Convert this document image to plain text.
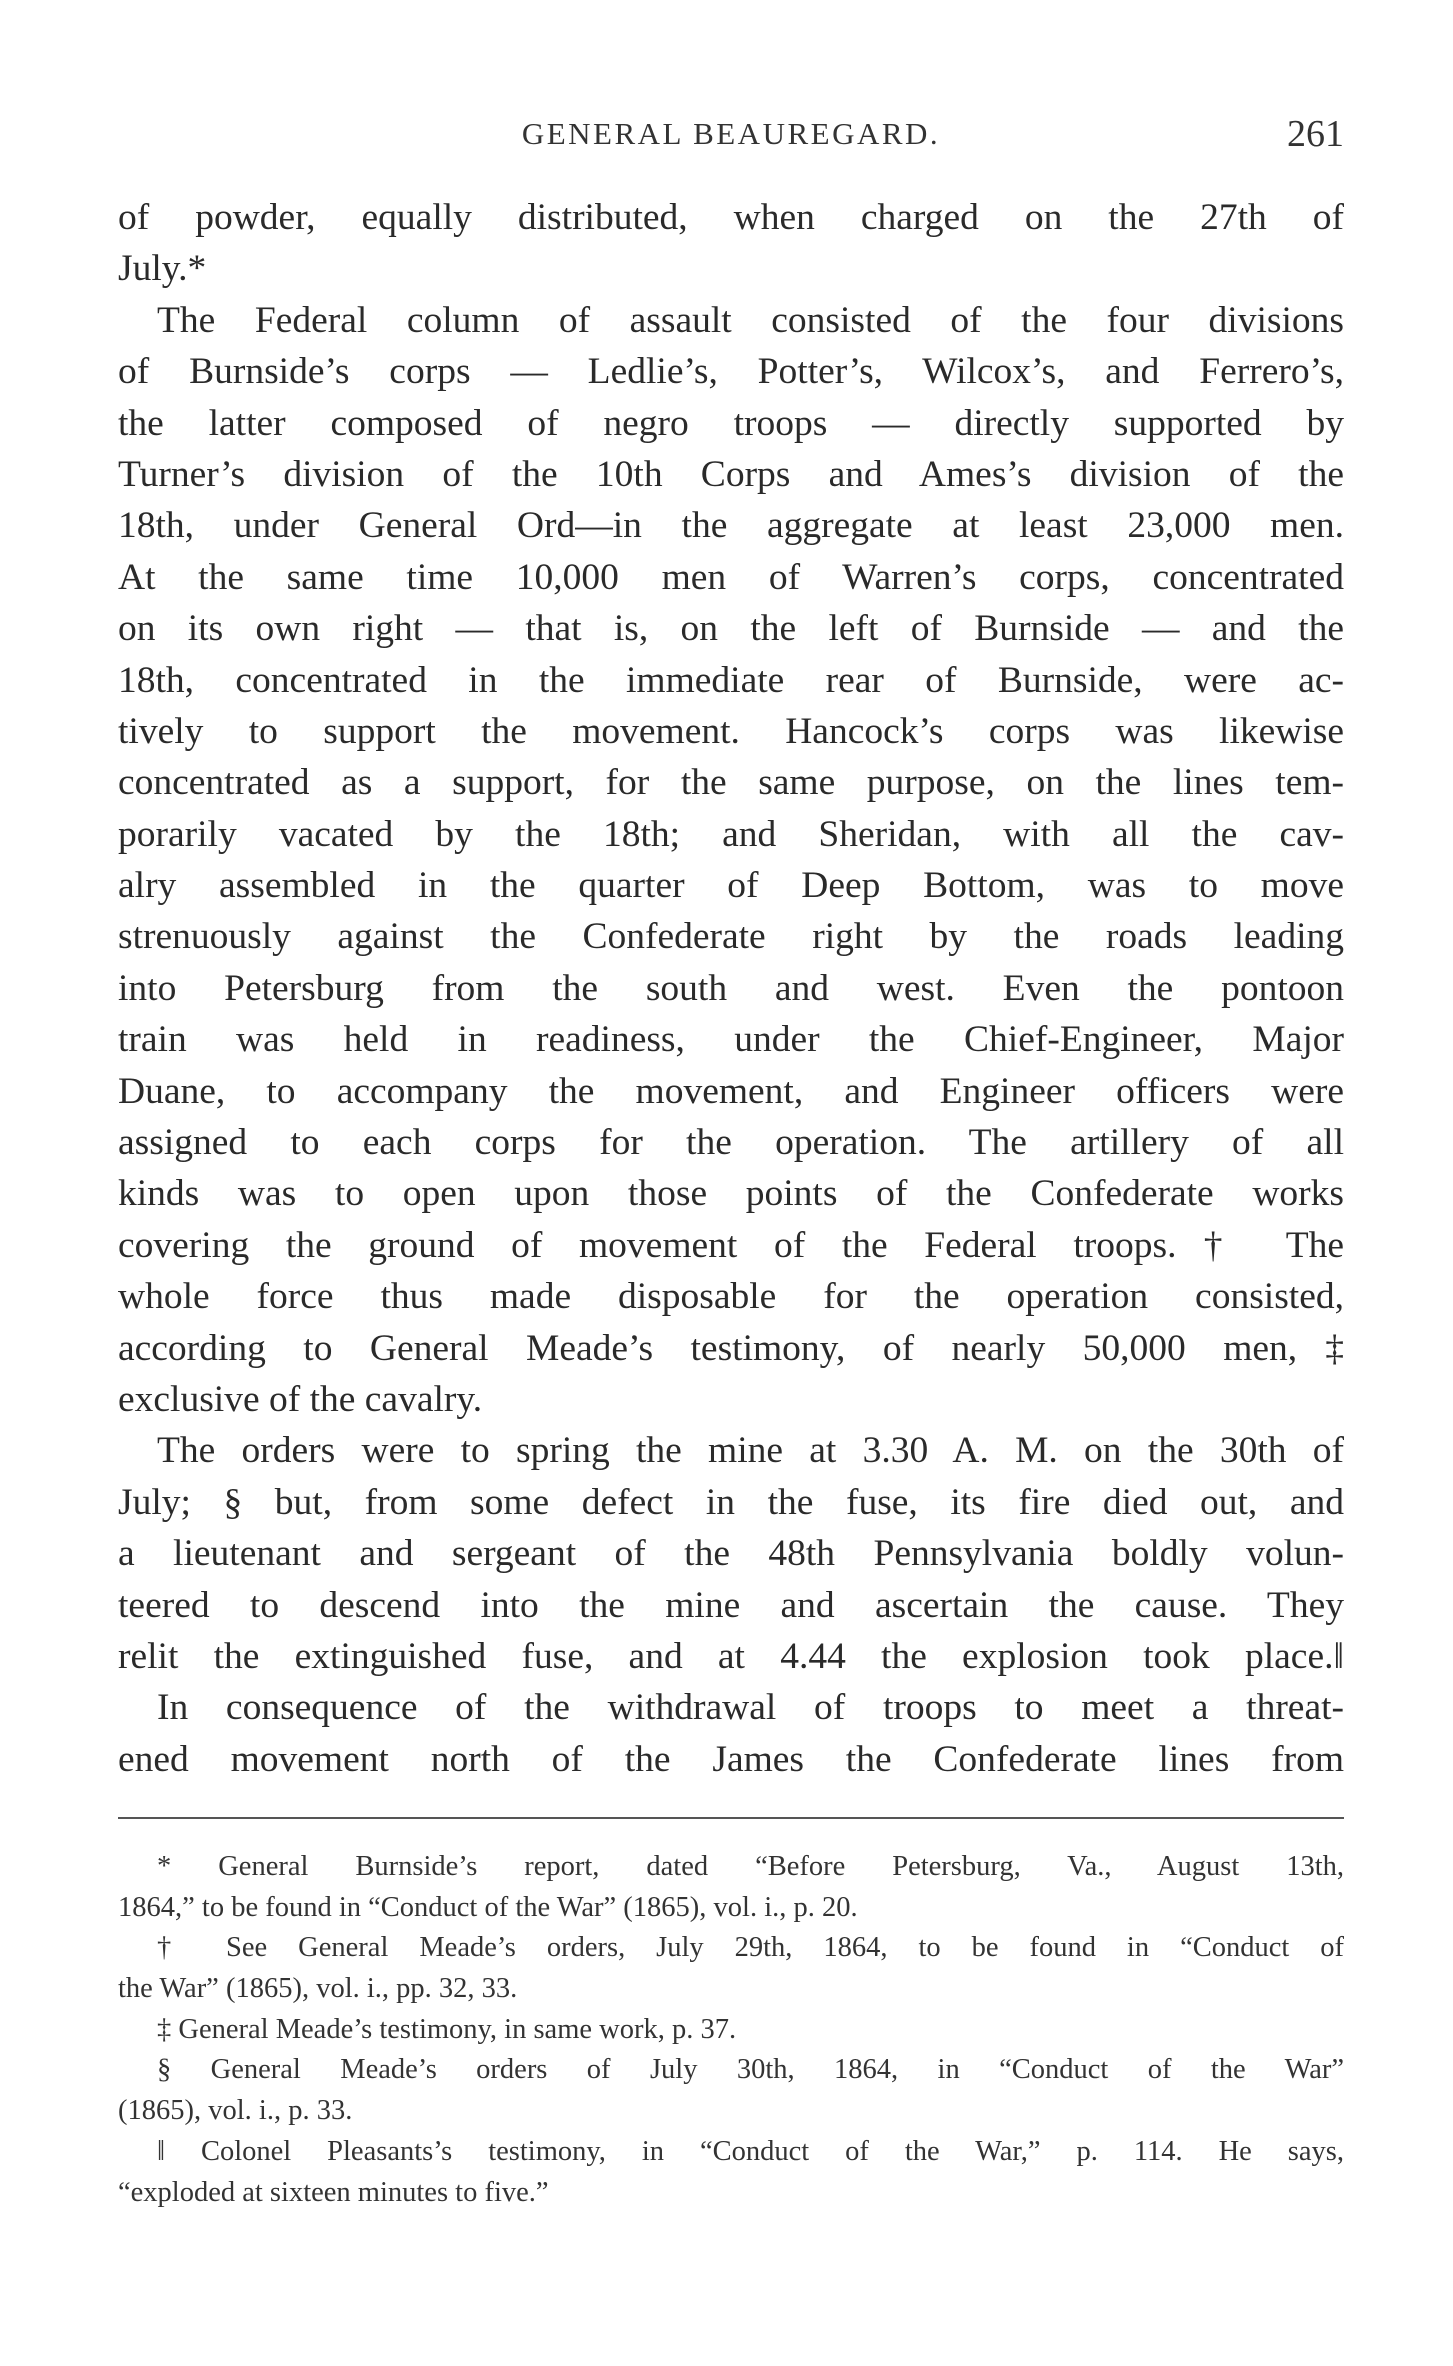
GENERAL BEAUREGARD.	261
of powder, equally distributed, when charged on the 27th of
July.*
The Federal column of assault consisted of the four divisions
of Burnside’s corps — Ledlie’s, Potter’s, Wilcox’s, and Ferrero’s,
the latter composed of negro troops — directly supported by
Turner’s division of the 10th Corps and Ames’s division of the
18th, under General Ord—in the aggregate at least 23,000 men.
At the same time 10,000 men of Warren’s corps, concentrated
on its own right — that is, on the left of Burnside — and the
18th, concentrated in the immediate rear of Burnside, were ac-
tively to support the movement. Hancock’s corps was likewise
concentrated as a support, for the same purpose, on the lines tem-
porarily vacated by the 18th; and Sheridan, with all the cav-
alry assembled in the quarter of Deep Bottom, was to move
strenuously against the Confederate right by the roads leading
into Petersburg from the south and west. Even the pontoon
train was held in readiness, under the Chief-Engineer, Major
Duane, to accompany the movement, and Engineer officers were
assigned to each corps for the operation. The artillery of all
kinds was to open upon those points of the Confederate works
covering the ground of movement of the Federal troops.† The
whole force thus made disposable for the operation consisted,
according to General Meade’s testimony, of nearly 50,000 men,‡
exclusive of the cavalry.
The orders were to spring the mine at 3.30 A. M. on the 30th of
July; § but, from some defect in the fuse, its fire died out, and
a lieutenant and sergeant of the 48th Pennsylvania boldly volun-
teered to descend into the mine and ascertain the cause. They
relit the extinguished fuse, and at 4.44 the explosion took place.‖
In consequence of the withdrawal of troops to meet a threat-
ened movement north of the James the Confederate lines from
* General Burnside’s report, dated “Before Petersburg, Va., August 13th,
1864,” to be found in “Conduct of the War” (1865), vol. i., p. 20.
† See General Meade’s orders, July 29th, 1864, to be found in “Conduct of
the War” (1865), vol. i., pp. 32, 33.
‡ General Meade’s testimony, in same work, p. 37.
§ General Meade’s orders of July 30th, 1864, in “Conduct of the War”
(1865), vol. i., p. 33.
‖ Colonel Pleasants’s testimony, in “Conduct of the War,” p. 114. He says,
“exploded at sixteen minutes to five.”
